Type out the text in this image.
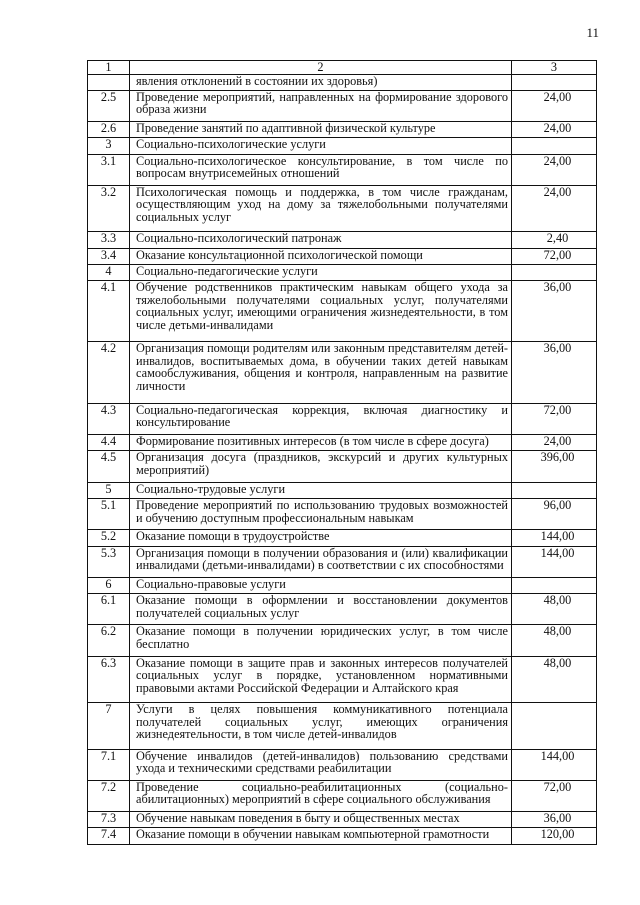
11
1	2	3
	явления отклонений в состоянии их здоровья)	
2.5	Проведение мероприятий, направленных на формирование здорового образа жизни	24,00
2.6	Проведение занятий по адаптивной физической культуре	24,00
3	Социально-психологические услуги	
3.1	Социально-психологическое консультирование, в том числе по вопросам внутрисемейных отношений	24,00
3.2	Психологическая помощь и поддержка, в том числе гражданам, осуществляющим уход на дому за тяжелобольными получателями социальных услуг	24,00
3.3	Социально-психологический патронаж	2,40
3.4	Оказание консультационной психологической помощи	72,00
4	Социально-педагогические услуги	
4.1	Обучение родственников практическим навыкам общего ухода за тяжелобольными получателями социальных услуг, получателями социальных услуг, имеющими ограничения жизнедеятельности, в том числе детьми-инвалидами	36,00
4.2	Организация помощи родителям или законным представителям детей-инвалидов, воспитываемых дома, в обучении таких детей навыкам самообслуживания, общения и контроля, направленным на развитие личности	36,00
4.3	Социально-педагогическая коррекция, включая диагностику и консультирование	72,00
4.4	Формирование позитивных интересов (в том числе в сфере досуга)	24,00
4.5	Организация досуга (праздников, экскурсий и других культурных мероприятий)	396,00
5	Социально-трудовые услуги	
5.1	Проведение мероприятий по использованию трудовых возможностей и обучению доступным профессиональным навыкам	96,00
5.2	Оказание помощи в трудоустройстве	144,00
5.3	Организация помощи в получении образования и (или) квалификации инвалидами (детьми-инвалидами) в соответствии с их способностями	144,00
6	Социально-правовые услуги	
6.1	Оказание помощи в оформлении и восстановлении документов получателей социальных услуг	48,00
6.2	Оказание помощи в получении юридических услуг, в том числе бесплатно	48,00
6.3	Оказание помощи в защите прав и законных интересов получателей социальных услуг в порядке, установленном нормативными правовыми актами Российской Федерации и Алтайского края	48,00
7	Услуги в целях повышения коммуникативного потенциала получателей социальных услуг, имеющих ограничения жизнедеятельности, в том числе детей-инвалидов	
7.1	Обучение инвалидов (детей-инвалидов) пользованию средствами ухода и техническими средствами реабилитации	144,00
7.2	Проведение социально-реабилитационных (социально-абилитационных) мероприятий в сфере социального обслуживания	72,00
7.3	Обучение навыкам поведения в быту и общественных местах	36,00
7.4	Оказание помощи в обучении навыкам компьютерной грамотности	120,00
